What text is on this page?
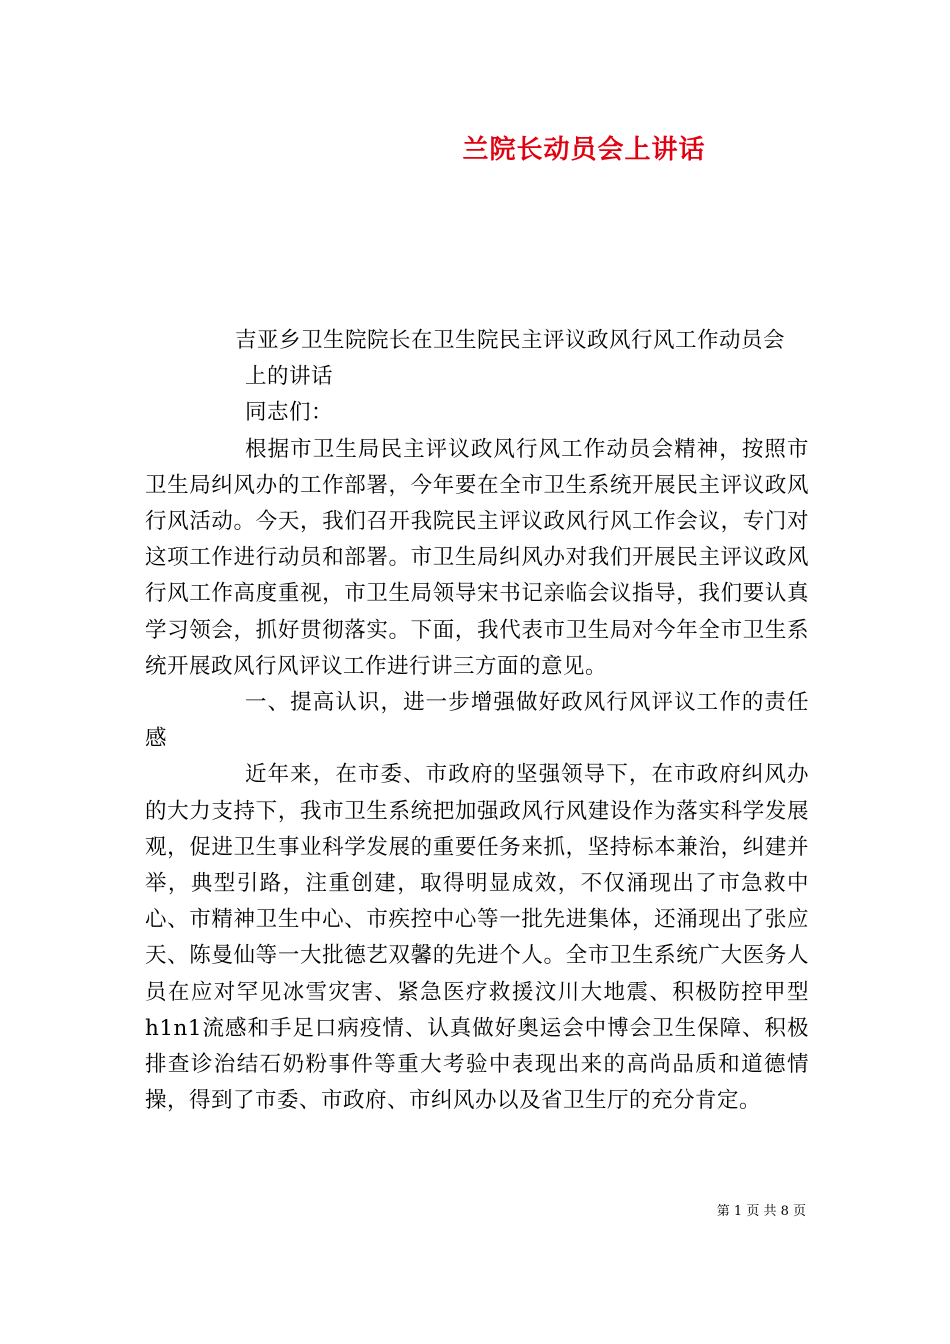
兰院长动员会上讲话

吉亚乡卫生院院长在卫生院民主评议政风行风工作动员会

上的讲话

同志们：

根据市卫生局民主评议政风行风工作动员会精神，按照市卫生局纠风办的工作部署，今年要在全市卫生系统开展民主评议政风行风活动。今天，我们召开我院民主评议政风行风工作会议，专门对这项工作进行动员和部署。市卫生局纠风办对我们开展民主评议政风行风工作高度重视，市卫生局领导宋书记亲临会议指导，我们要认真学习领会，抓好贯彻落实。下面，我代表市卫生局对今年全市卫生系统开展政风行风评议工作进行讲三方面的意见。

一、提高认识，进一步增强做好政风行风评议工作的责任感

近年来，在市委、市政府的坚强领导下，在市政府纠风办的大力支持下，我市卫生系统把加强政风行风建设作为落实科学发展观，促进卫生事业科学发展的重要任务来抓，坚持标本兼治，纠建并举，典型引路，注重创建，取得明显成效，不仅涌现出了市急救中心、市精神卫生中心、市疾控中心等一批先进集体，还涌现出了张应天、陈曼仙等一大批德艺双馨的先进个人。全市卫生系统广大医务人员在应对罕见冰雪灾害、紧急医疗救援汶川大地震、积极防控甲型h1n1流感和手足口病疫情、认真做好奥运会中博会卫生保障、积极排查诊治结石奶粉事件等重大考验中表现出来的高尚品质和道德情操，得到了市委、市政府、市纠风办以及省卫生厅的充分肯定。

第 1 页 共 8 页
